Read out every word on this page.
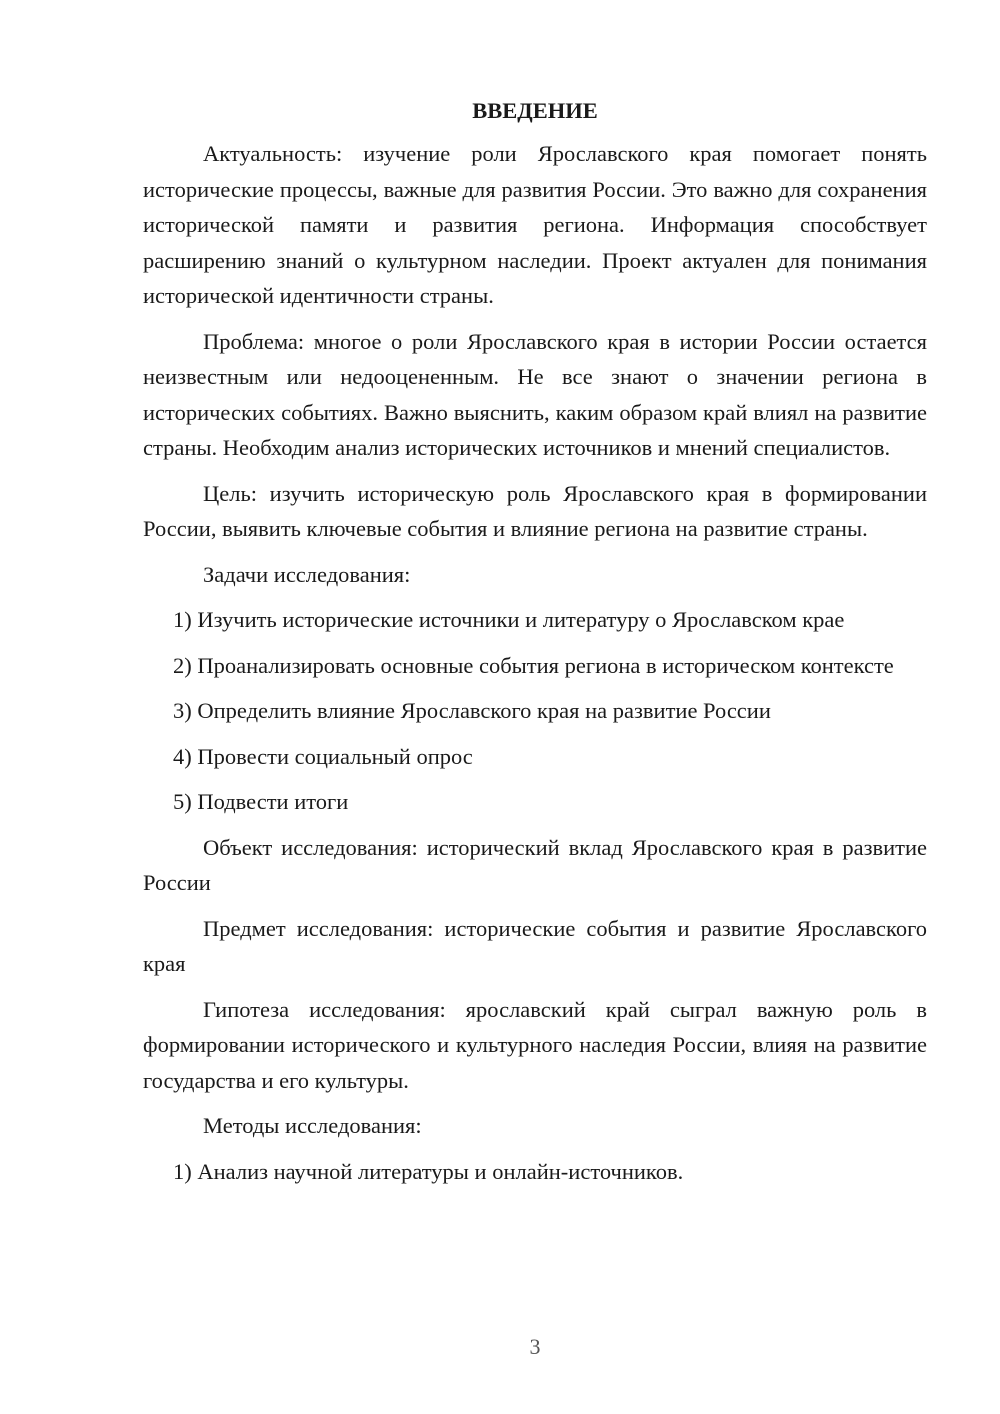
ВВЕДЕНИЕ

Актуальность: изучение роли Ярославского края помогает понять исторические процессы, важные для развития России. Это важно для сохранения исторической памяти и развития региона. Информация способствует расширению знаний о культурном наследии. Проект актуален для понимания исторической идентичности страны.

Проблема: многое о роли Ярославского края в истории России остается неизвестным или недооцененным. Не все знают о значении региона в исторических событиях. Важно выяснить, каким образом край влиял на развитие страны. Необходим анализ исторических источников и мнений специалистов.

Цель: изучить историческую роль Ярославского края в формировании России, выявить ключевые события и влияние региона на развитие страны.

Задачи исследования:

1) Изучить исторические источники и литературу о Ярославском крае

2) Проанализировать основные события региона в историческом контексте

3) Определить влияние Ярославского края на развитие России

4) Провести социальный опрос

5) Подвести итоги

Объект исследования: исторический вклад Ярославского края в развитие России

Предмет исследования: исторические события и развитие Ярославского края

Гипотеза исследования: ярославский край сыграл важную роль в формировании исторического и культурного наследия России, влияя на развитие государства и его культуры.

Методы исследования:

1) Анализ научной литературы и онлайн-источников.

3
